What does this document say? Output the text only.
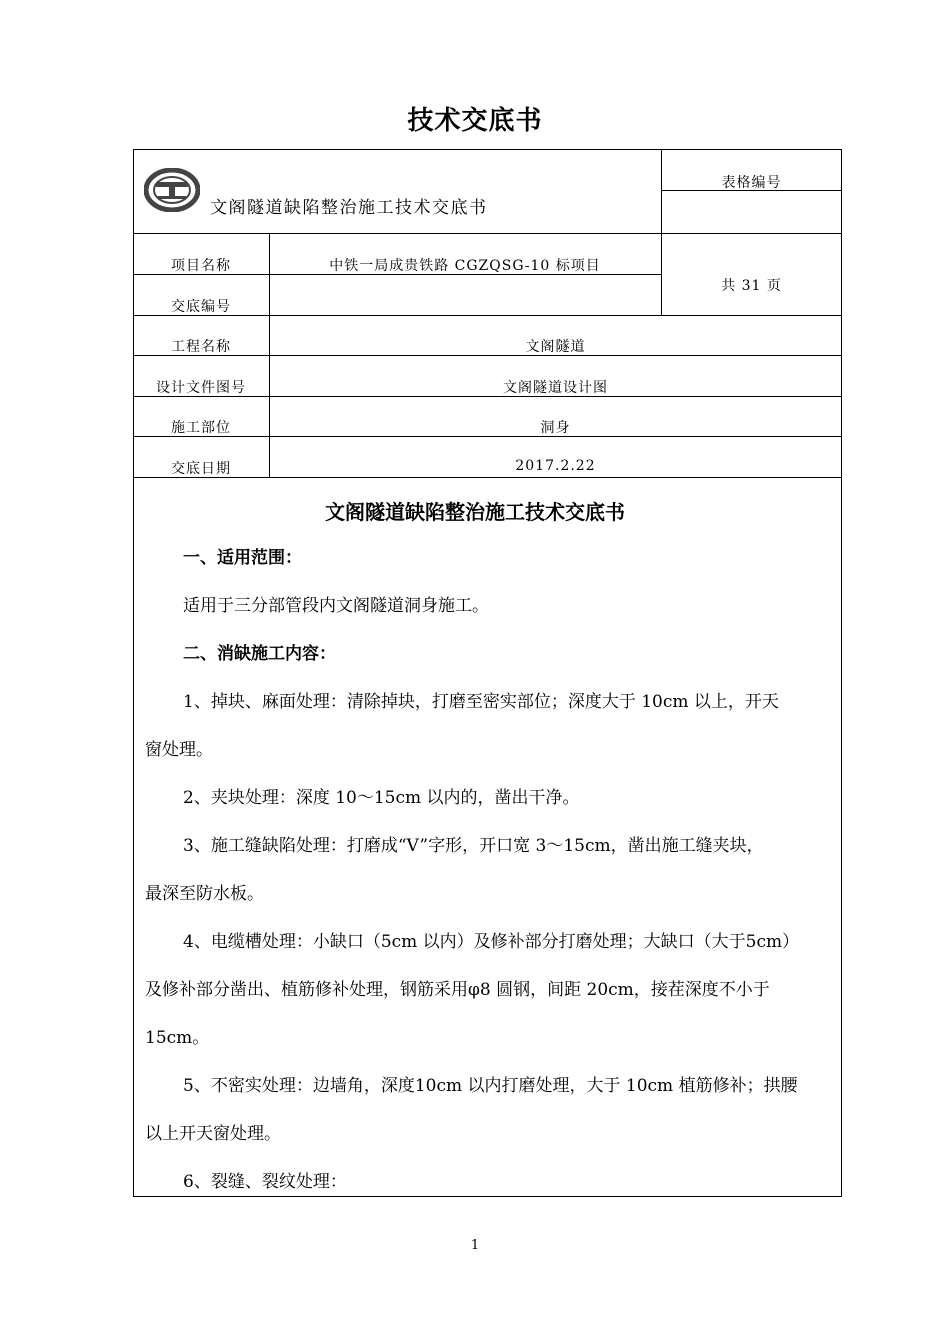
技术交底书
文阁隧道缺陷整治施工技术交底书
表格编号
共 31 页
项目名称	中铁一局成贵铁路 CGZQSG-10 标项目
交底编号
工程名称	文阁隧道
设计文件图号	文阁隧道设计图
施工部位	洞身
交底日期	2017.2.22
文阁隧道缺陷整治施工技术交底书
一、适用范围：
适用于三分部管段内文阁隧道洞身施工。
二、消缺施工内容：
1、掉块、麻面处理：清除掉块，打磨至密实部位；深度大于 10cm 以上，开天
窗处理。
2、夹块处理：深度 10～15cm 以内的，凿出干净。
3、施工缝缺陷处理：打磨成“V”字形，开口宽 3～15cm，凿出施工缝夹块，
最深至防水板。
4、电缆槽处理：小缺口（5cm 以内）及修补部分打磨处理；大缺口（大于5cm）
及修补部分凿出、植筋修补处理，钢筋采用φ8 圆钢，间距 20cm，接茬深度不小于
15cm。
5、不密实处理：边墙角，深度10cm 以内打磨处理，大于 10cm 植筋修补；拱腰
以上开天窗处理。
6、裂缝、裂纹处理：
1
